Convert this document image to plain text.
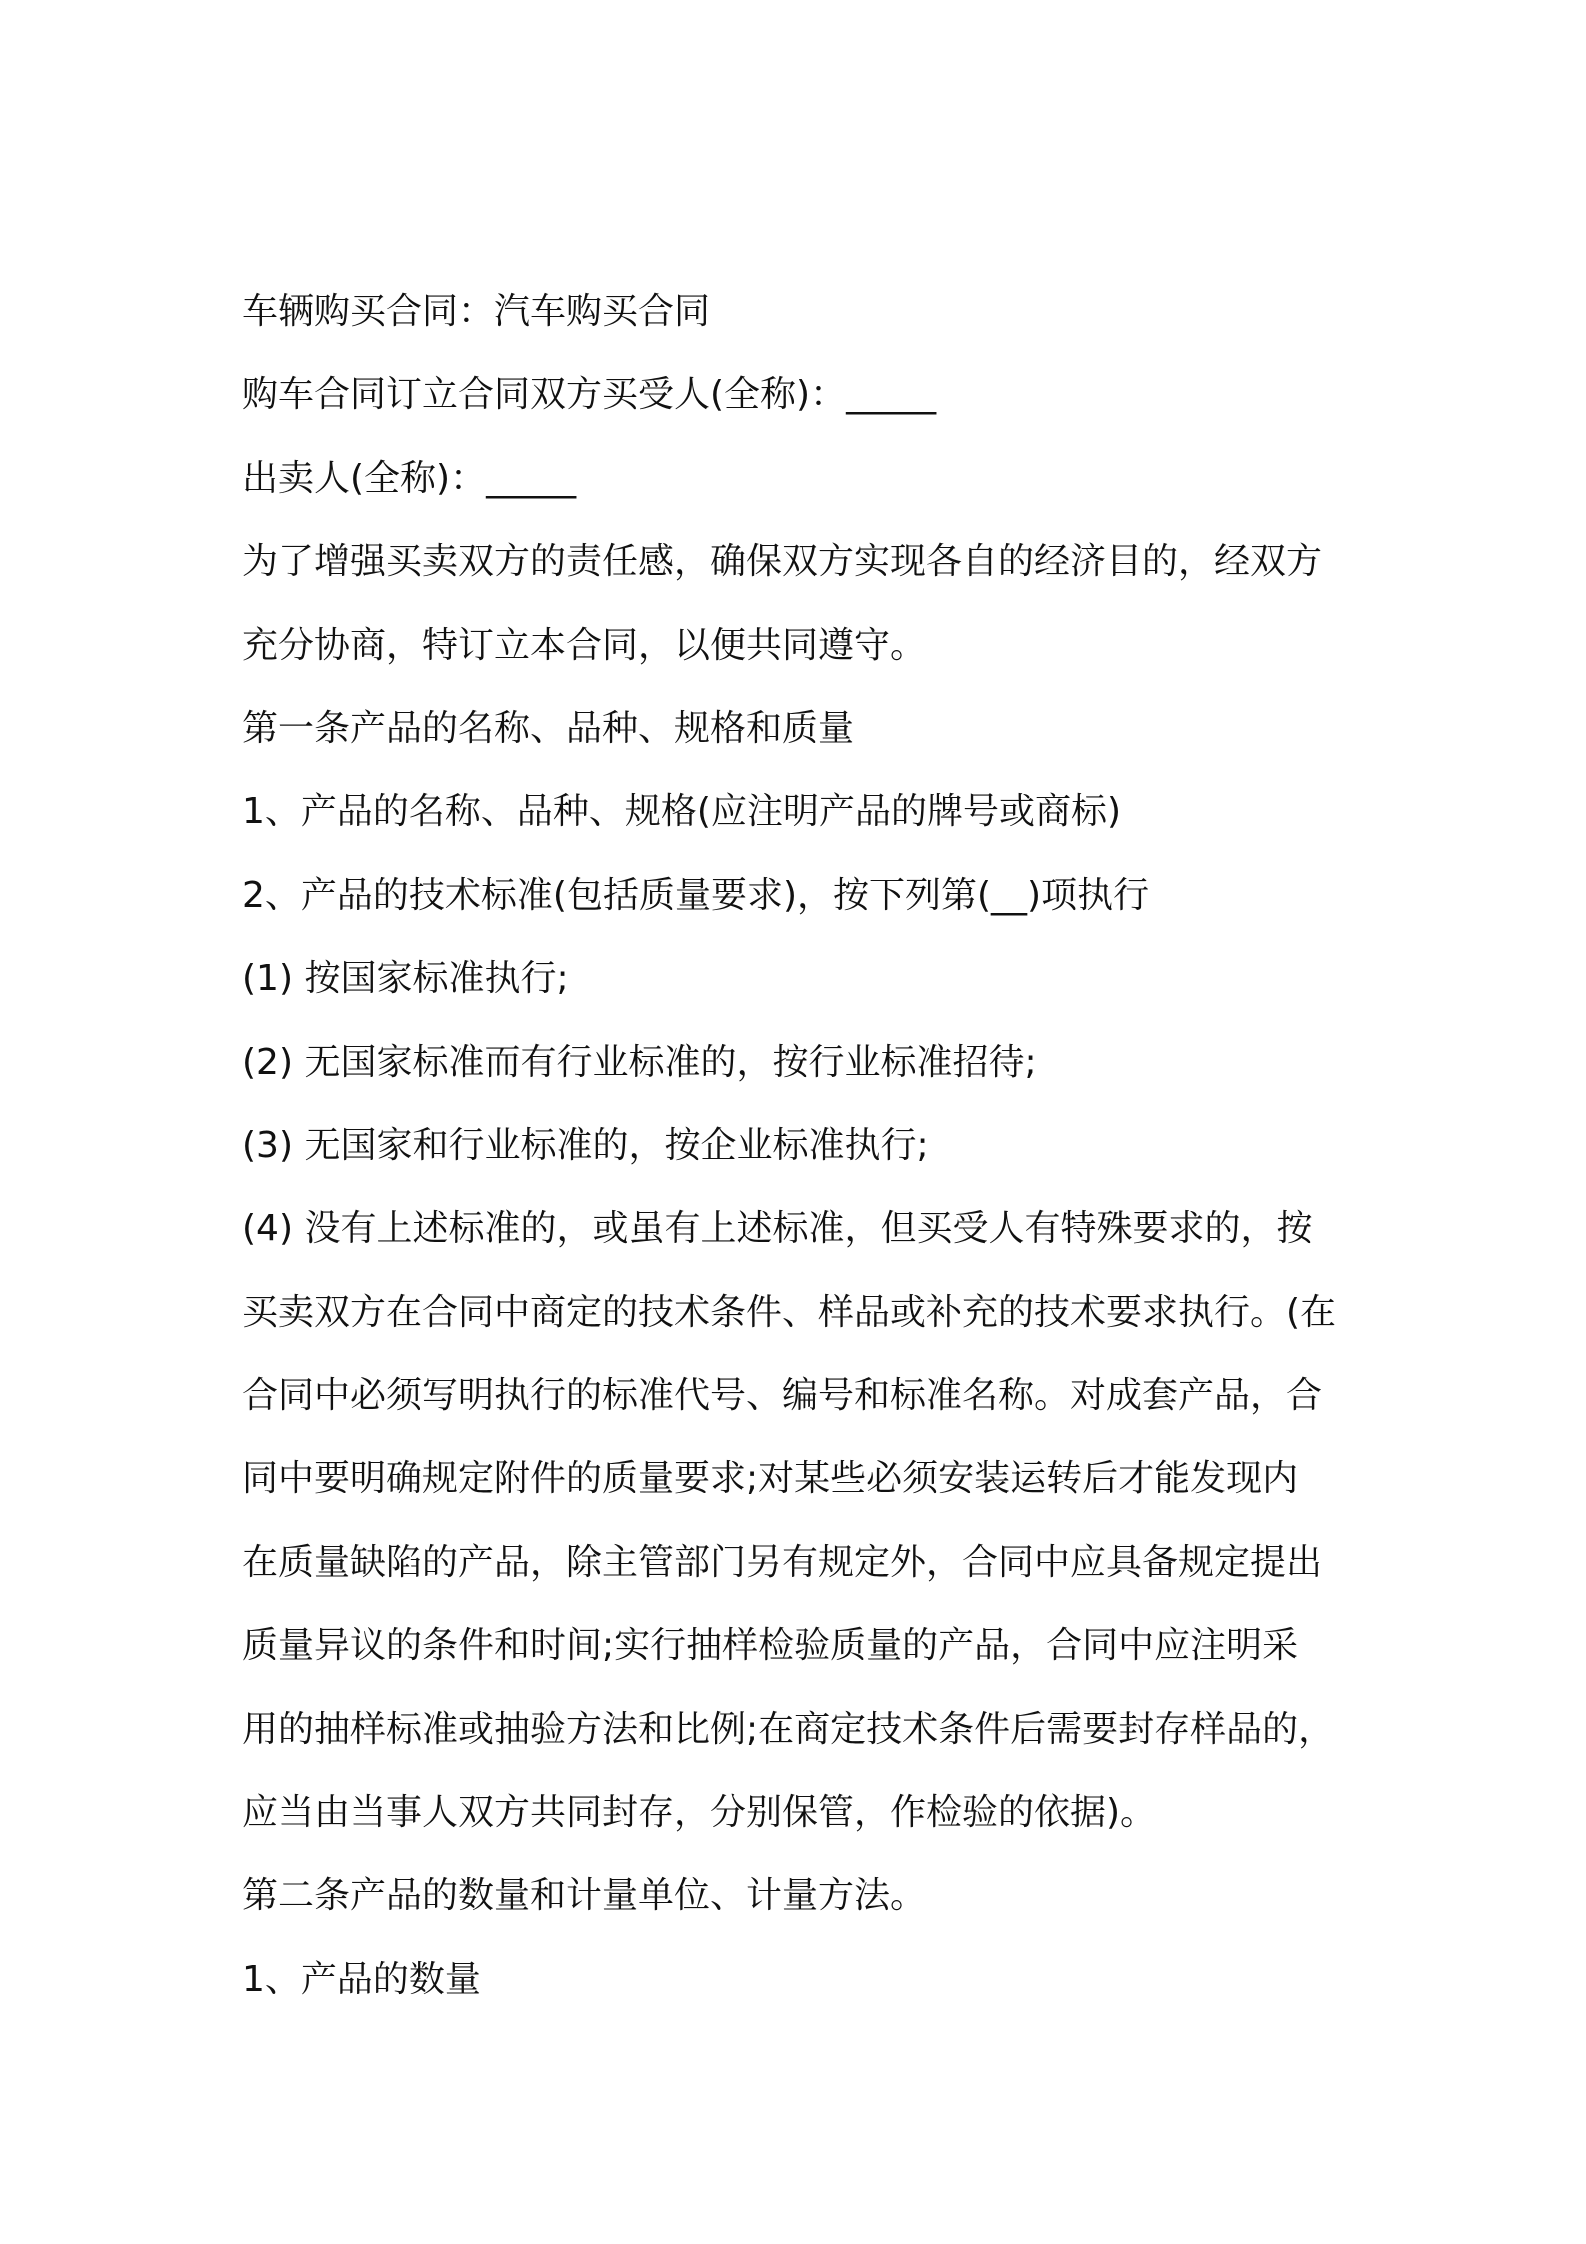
车辆购买合同：汽车购买合同
购车合同订立合同双方买受人(全称)：_____
出卖人(全称)：_____
为了增强买卖双方的责任感，确保双方实现各自的经济目的，经双方
充分协商，特订立本合同，以便共同遵守。
第一条产品的名称、品种、规格和质量
1、产品的名称、品种、规格(应注明产品的牌号或商标)
2、产品的技术标准(包括质量要求)，按下列第(__)项执行
(1) 按国家标准执行;
(2) 无国家标准而有行业标准的，按行业标准招待;
(3) 无国家和行业标准的，按企业标准执行;
(4) 没有上述标准的，或虽有上述标准，但买受人有特殊要求的，按
买卖双方在合同中商定的技术条件、样品或补充的技术要求执行。(在
合同中必须写明执行的标准代号、编号和标准名称。对成套产品，合
同中要明确规定附件的质量要求;对某些必须安装运转后才能发现内
在质量缺陷的产品，除主管部门另有规定外，合同中应具备规定提出
质量异议的条件和时间;实行抽样检验质量的产品，合同中应注明采
用的抽样标准或抽验方法和比例;在商定技术条件后需要封存样品的，
应当由当事人双方共同封存，分别保管，作检验的依据)。
第二条产品的数量和计量单位、计量方法。
1、产品的数量
